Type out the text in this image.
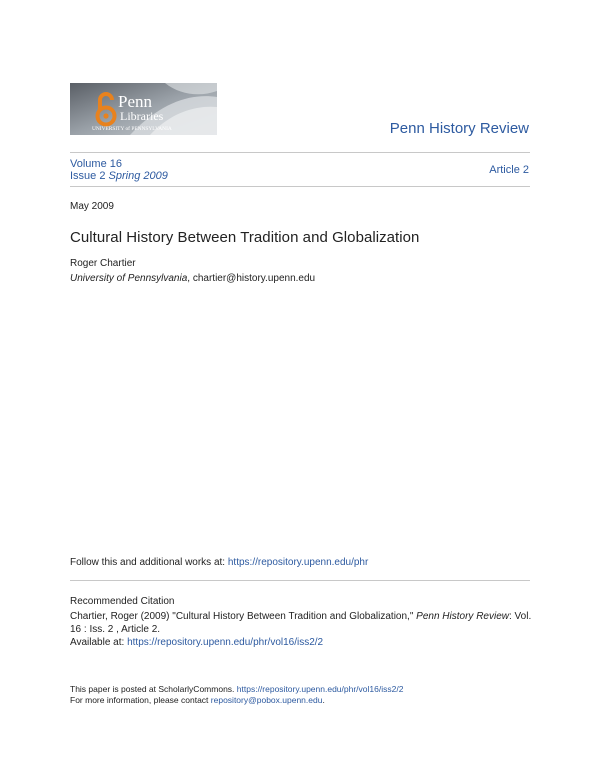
Penn
Libraries
UNIVERSITY of PENNSYLVANIA	Penn History Review
Volume 16
Issue 2 Spring 2009	Article 2
May 2009
Cultural History Between Tradition and Globalization
Roger Chartier
University of Pennsylvania, chartier@history.upenn.edu
Follow this and additional works at: https://repository.upenn.edu/phr
Recommended Citation
Chartier, Roger (2009) "Cultural History Between Tradition and Globalization," Penn History Review: Vol. 16 : Iss. 2 , Article 2.
Available at: https://repository.upenn.edu/phr/vol16/iss2/2
This paper is posted at ScholarlyCommons. https://repository.upenn.edu/phr/vol16/iss2/2
For more information, please contact repository@pobox.upenn.edu.
